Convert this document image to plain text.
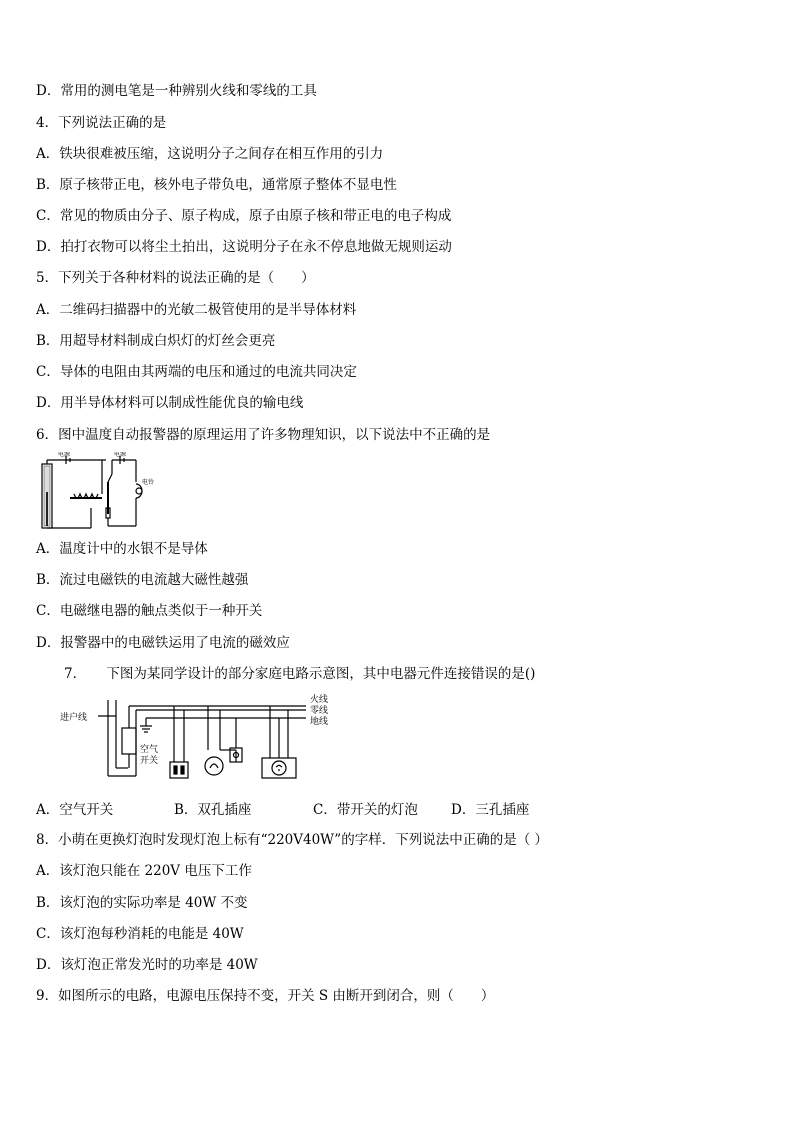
D．常用的测电笔是一种辨别火线和零线的工具
4．下列说法正确的是
A．铁块很难被压缩，这说明分子之间存在相互作用的引力
B．原子核带正电，核外电子带负电，通常原子整体不显电性
C．常见的物质由分子、原子构成，原子由原子核和带正电的电子构成
D．拍打衣物可以将尘土拍出，这说明分子在永不停息地做无规则运动
5．下列关于各种材料的说法正确的是（　　）
A．二维码扫描器中的光敏二极管使用的是半导体材料
B．用超导材料制成白炽灯的灯丝会更亮
C．导体的电阻由其两端的电压和通过的电流共同决定
D．用半导体材料可以制成性能优良的输电线
6．图中温度自动报警器的原理运用了许多物理知识，以下说法中不正确的是
电源	电源
电铃
A．温度计中的水银不是导体
B．流过电磁铁的电流越大磁性越强
C．电磁继电器的触点类似于一种开关
D．报警器中的电磁铁运用了电流的磁效应
7．　　下图为某同学设计的部分家庭电路示意图，其中电器元件连接错误的是()
进户线
火线
零线
地线
空气
开关
A．空气开关	B．双孔插座	C．带开关的灯泡 D．三孔插座
8．小萌在更换灯泡时发现灯泡上标有“220V40W”的字样．下列说法中正确的是（ ）
A．该灯泡只能在 220V 电压下工作
B．该灯泡的实际功率是 40W 不变
C．该灯泡每秒消耗的电能是 40W
D．该灯泡正常发光时的功率是 40W
9．如图所示的电路，电源电压保持不变，开关 S 由断开到闭合，则（　　）
